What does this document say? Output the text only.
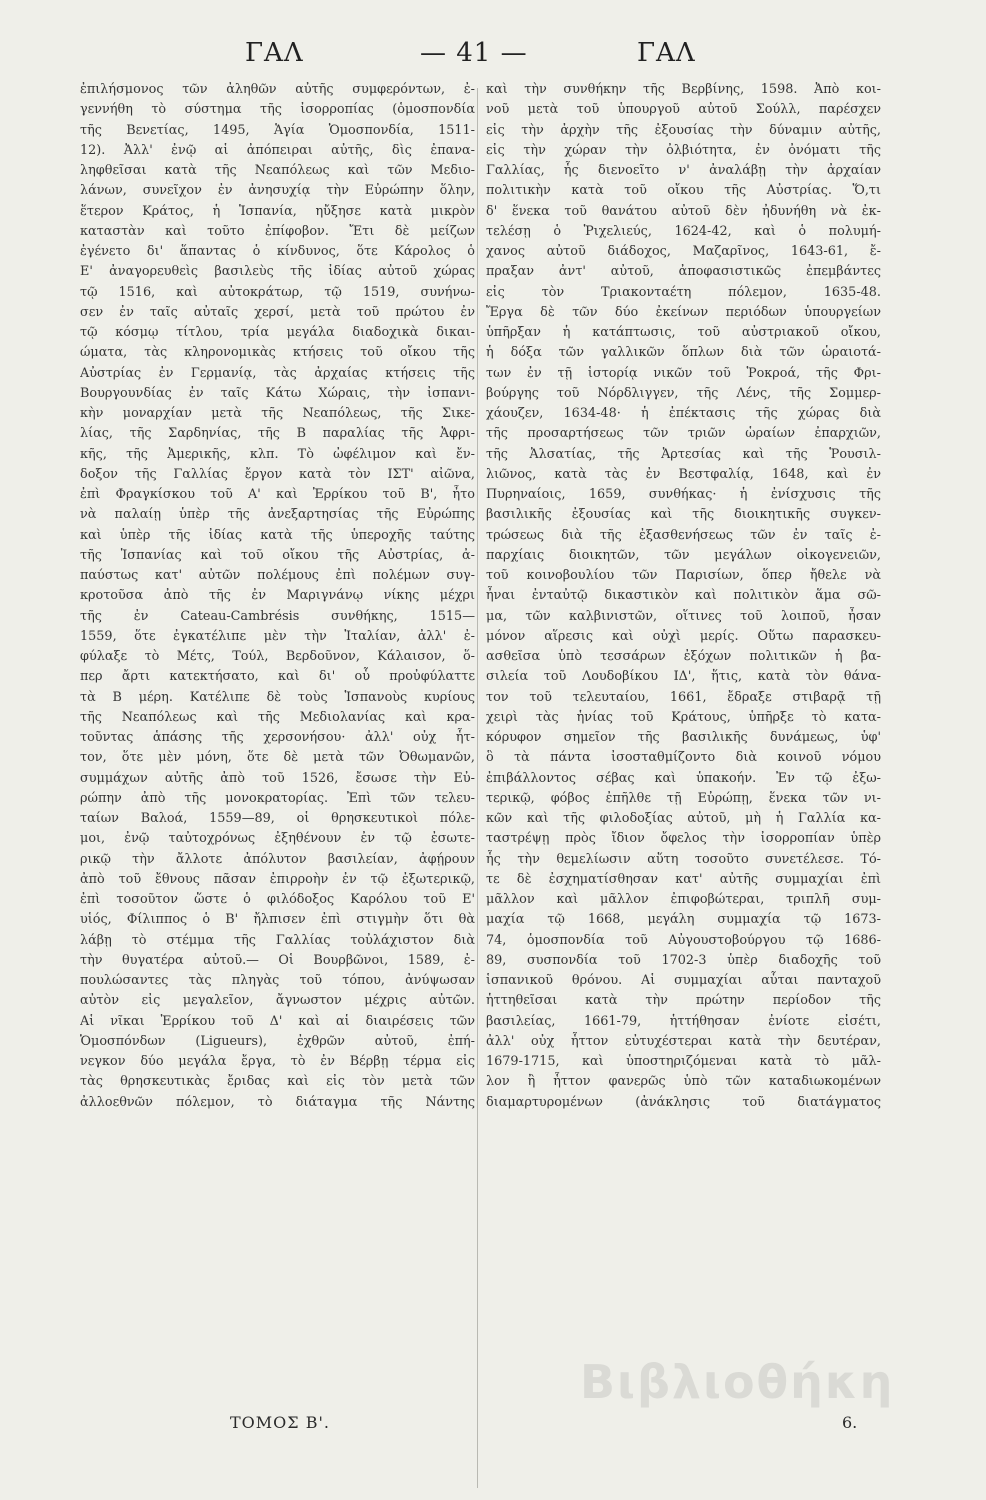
ΓΑΛ	— 41 —	ΓΑΛ
ἐπιλήσμονος τῶν ἀληθῶν αὐτῆς συμφερόντων, ἐ-
γεννήθη τὸ σύστημα τῆς ἰσορροπίας (ὁμοσπονδία
τῆς Βενετίας, 1495, Ἁγία Ὁμοσπονδία, 1511-
12). Ἀλλ' ἐνῷ αἱ ἀπόπειραι αὐτῆς, δὶς ἐπανα-
ληφθεῖσαι κατὰ τῆς Νεαπόλεως καὶ τῶν Μεδιο-
λάνων, συνεῖχον ἐν ἀνησυχίᾳ τὴν Εὐρώπην ὅλην,
ἕτερον Κράτος, ἡ Ἱσπανία, ηὔξησε κατὰ μικρὸν
καταστὰν καὶ τοῦτο ἐπίφοβον. Ἔτι δὲ μείζων
ἐγένετο δι' ἅπαντας ὁ κίνδυνος, ὅτε Κάρολος ὁ
Ε' ἀναγορευθεὶς βασιλεὺς τῆς ἰδίας αὐτοῦ χώρας
τῷ 1516, καὶ αὐτοκράτωρ, τῷ 1519, συνήνω-
σεν ἐν ταῖς αὐταῖς χερσί, μετὰ τοῦ πρώτου ἐν
τῷ κόσμῳ τίτλου, τρία μεγάλα διαδοχικὰ δικαι-
ώματα, τὰς κληρονομικὰς κτήσεις τοῦ οἴκου τῆς
Αὐστρίας ἐν Γερμανίᾳ, τὰς ἀρχαίας κτήσεις τῆς
Βουργουνδίας ἐν ταῖς Κάτω Χώραις, τὴν ἰσπανι-
κὴν μοναρχίαν μετὰ τῆς Νεαπόλεως, τῆς Σικε-
λίας, τῆς Σαρδηνίας, τῆς Β παραλίας τῆς Ἀφρι-
κῆς, τῆς Ἀμερικῆς, κλπ. Τὸ ὠφέλιμον καὶ ἔν-
δοξον τῆς Γαλλίας ἔργον κατὰ τὸν ΙΣΤ' αἰῶνα,
ἐπὶ Φραγκίσκου τοῦ Α' καὶ Ἐρρίκου τοῦ Β', ἦτο
νὰ παλαίῃ ὑπὲρ τῆς ἀνεξαρτησίας τῆς Εὐρώπης
καὶ ὑπὲρ τῆς ἰδίας κατὰ τῆς ὑπεροχῆς ταύτης
τῆς Ἱσπανίας καὶ τοῦ οἴκου τῆς Αὐστρίας, ἀ-
παύστως κατ' αὐτῶν πολέμους ἐπὶ πολέμων συγ-
κροτοῦσα ἀπὸ τῆς ἐν Μαριγνάνῳ νίκης μέχρι
τῆς ἐν Cateau-Cambrésis συνθήκης, 1515—
1559, ὅτε ἐγκατέλιπε μὲν τὴν Ἰταλίαν, ἀλλ' ἐ-
φύλαξε τὸ Μέτς, Τούλ, Βερδοῦνον, Κάλαισον, ὅ-
περ ἄρτι κατεκτήσατο, καὶ δι' οὗ προὐφύλαττε
τὰ Β μέρη. Κατέλιπε δὲ τοὺς Ἱσπανοὺς κυρίους
τῆς Νεαπόλεως καὶ τῆς Μεδιολανίας καὶ κρα-
τοῦντας ἁπάσης τῆς χερσονήσου· ἀλλ' οὐχ ἧτ-
τον, ὅτε μὲν μόνη, ὅτε δὲ μετὰ τῶν Ὀθωμανῶν,
συμμάχων αὐτῆς ἀπὸ τοῦ 1526, ἔσωσε τὴν Εὐ-
ρώπην ἀπὸ τῆς μονοκρατορίας. Ἐπὶ τῶν τελευ-
ταίων Βαλοά, 1559—89, οἱ θρησκευτικοὶ πόλε-
μοι, ἐνῷ ταὐτοχρόνως ἐξηθένουν ἐν τῷ ἐσωτε-
ρικῷ τὴν ἄλλοτε ἀπόλυτον βασιλείαν, ἀφῄρουν
ἀπὸ τοῦ ἔθνους πᾶσαν ἐπιρροὴν ἐν τῷ ἐξωτερικῷ,
ἐπὶ τοσοῦτον ὥστε ὁ φιλόδοξος Καρόλου τοῦ Ε'
υἱός, Φίλιππος ὁ Β' ἤλπισεν ἐπὶ στιγμὴν ὅτι θὰ
λάβῃ τὸ στέμμα τῆς Γαλλίας τοὐλάχιστον διὰ
τὴν θυγατέρα αὐτοῦ.— Οἱ Βουρβῶνοι, 1589, ἐ-
πουλώσαντες τὰς πληγὰς τοῦ τόπου, ἀνύψωσαν
αὐτὸν εἰς μεγαλεῖον, ἄγνωστον μέχρις αὐτῶν.
Αἱ νῖκαι Ἐρρίκου τοῦ Δ' καὶ αἱ διαιρέσεις τῶν
Ὁμοσπόνδων (Ligueurs), ἐχθρῶν αὐτοῦ, ἐπή-
νεγκον δύο μεγάλα ἔργα, τὸ ἐν Βέρβῃ τέρμα εἰς
τὰς θρησκευτικὰς ἔριδας καὶ εἰς τὸν μετὰ τῶν
ἀλλοεθνῶν πόλεμον, τὸ διάταγμα τῆς Νάντης
καὶ τὴν συνθήκην τῆς Βερβίνης, 1598. Ἀπὸ κοι-
νοῦ μετὰ τοῦ ὑπουργοῦ αὐτοῦ Σούλλ, παρέσχεν
εἰς τὴν ἀρχὴν τῆς ἐξουσίας τὴν δύναμιν αὐτῆς,
εἰς τὴν χώραν τὴν ὀλβιότητα, ἐν ὀνόματι τῆς
Γαλλίας, ἧς διενοεῖτο ν' ἀναλάβῃ τὴν ἀρχαίαν
πολιτικὴν κατὰ τοῦ οἴκου τῆς Αὐστρίας. Ὅ,τι
δ' ἕνεκα τοῦ θανάτου αὐτοῦ δὲν ἠδυνήθη νὰ ἐκ-
τελέσῃ ὁ Ῥιχελιεύς, 1624-42, καὶ ὁ πολυμή-
χανος αὐτοῦ διάδοχος, Μαζαρῖνος, 1643-61, ἔ-
πραξαν ἀντ' αὐτοῦ, ἀποφασιστικῶς ἐπεμβάντες
εἰς τὸν Τριακονταέτη πόλεμον, 1635-48.
Ἔργα δὲ τῶν δύο ἐκείνων περιόδων ὑπουργείων
ὑπῆρξαν ἡ κατάπτωσις, τοῦ αὐστριακοῦ οἴκου,
ἡ δόξα τῶν γαλλικῶν ὅπλων διὰ τῶν ὡραιοτά-
των ἐν τῇ ἱστορίᾳ νικῶν τοῦ Ῥοκροά, τῆς Φρι-
βούργης τοῦ Νόρδλιγγεν, τῆς Λένς, τῆς Σομμερ-
χάουζεν, 1634-48· ἡ ἐπέκτασις τῆς χώρας διὰ
τῆς προσαρτήσεως τῶν τριῶν ὡραίων ἐπαρχιῶν,
τῆς Ἀλσατίας, τῆς Ἀρτεσίας καὶ τῆς Ῥουσιλ-
λιῶνος, κατὰ τὰς ἐν Βεστφαλίᾳ, 1648, καὶ ἐν
Πυρηναίοις, 1659, συνθήκας· ἡ ἐνίσχυσις τῆς
βασιλικῆς ἐξουσίας καὶ τῆς διοικητικῆς συγκεν-
τρώσεως διὰ τῆς ἐξασθενήσεως τῶν ἐν ταῖς ἐ-
παρχίαις διοικητῶν, τῶν μεγάλων οἰκογενειῶν,
τοῦ κοινοβουλίου τῶν Παρισίων, ὅπερ ἤθελε νὰ
ἦναι ἐνταὐτῷ δικαστικὸν καὶ πολιτικὸν ἅμα σῶ-
μα, τῶν καλβινιστῶν, οἵτινες τοῦ λοιποῦ, ἦσαν
μόνον αἵρεσις καὶ οὐχὶ μερίς. Οὕτω παρασκευ-
ασθεῖσα ὑπὸ τεσσάρων ἐξόχων πολιτικῶν ἡ βα-
σιλεία τοῦ Λουδοβίκου ΙΔ', ἥτις, κατὰ τὸν θάνα-
τον τοῦ τελευταίου, 1661, ἔδραξε στιβαρᾷ τῇ
χειρὶ τὰς ἡνίας τοῦ Κράτους, ὑπῆρξε τὸ κατα-
κόρυφον σημεῖον τῆς βασιλικῆς δυνάμεως, ὑφ'
ὃ τὰ πάντα ἰσοσταθμίζοντο διὰ κοινοῦ νόμου
ἐπιβάλλοντος σέβας καὶ ὑπακοήν. Ἐν τῷ ἐξω-
τερικῷ, φόβος ἐπῆλθε τῇ Εὐρώπῃ, ἕνεκα τῶν νι-
κῶν καὶ τῆς φιλοδοξίας αὐτοῦ, μὴ ἡ Γαλλία κα-
ταστρέψῃ πρὸς ἴδιον ὄφελος τὴν ἰσορροπίαν ὑπὲρ
ἧς τὴν θεμελίωσιν αὕτη τοσοῦτο συνετέλεσε. Τό-
τε δὲ ἐσχηματίσθησαν κατ' αὐτῆς συμμαχίαι ἐπὶ
μᾶλλον καὶ μᾶλλον ἐπιφοβώτεραι, τριπλῆ συμ-
μαχία τῷ 1668, μεγάλη συμμαχία τῷ 1673-
74, ὁμοσπονδία τοῦ Αὐγουστοβούργου τῷ 1686-
89, συσπονδία τοῦ 1702-3 ὑπὲρ διαδοχῆς τοῦ
ἱσπανικοῦ θρόνου. Αἱ συμμαχίαι αὗται πανταχοῦ
ἡττηθεῖσαι κατὰ τὴν πρώτην περίοδον τῆς
βασιλείας, 1661-79, ἡττήθησαν ἐνίοτε εἰσέτι,
ἀλλ' οὐχ ἧττον εὐτυχέστεραι κατὰ τὴν δευτέραν,
1679-1715, καὶ ὑποστηριζόμεναι κατὰ τὸ μᾶλ-
λον ἢ ἧττον φανερῶς ὑπὸ τῶν καταδιωκομένων
διαμαρτυρομένων (ἀνάκλησις τοῦ διατάγματος
Βιβλιοθήκη
ΤΟΜΟΣ Β'.	6.
